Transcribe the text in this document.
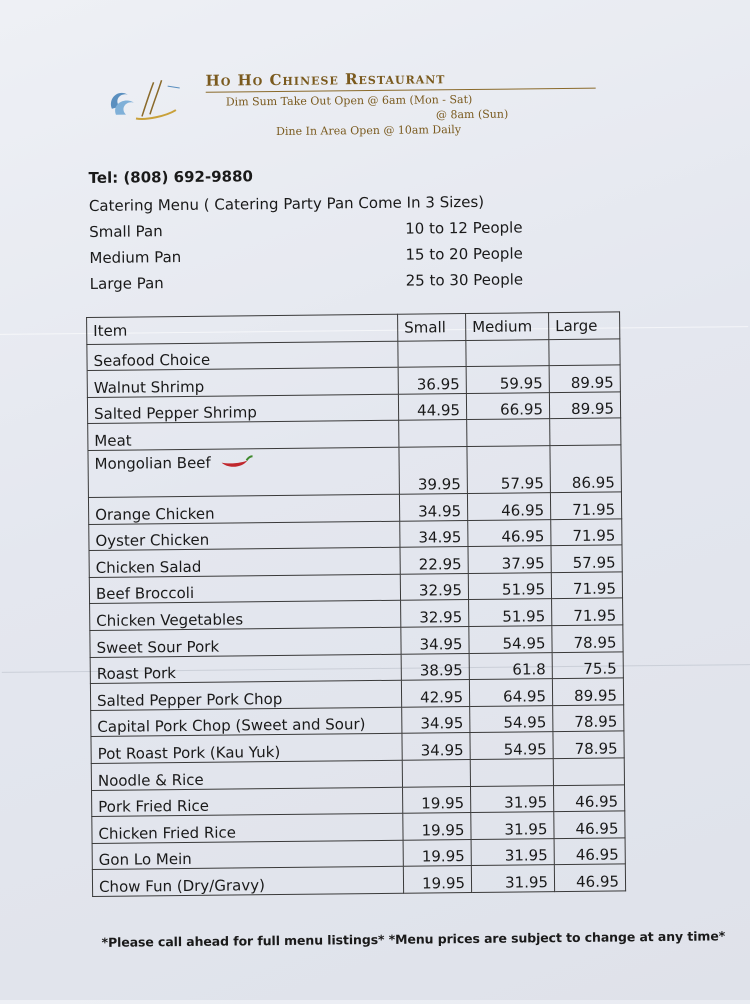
Ho Ho Chinese Restaurant
Dim Sum Take Out Open @ 6am (Mon - Sat)
@ 8am (Sun)
Dine In Area Open @ 10am Daily
Tel: (808) 692-9880
Catering Menu ( Catering Party Pan Come In 3 Sizes)
Small Pan	10 to 12 People
Medium Pan	15 to 20 People
Large Pan	25 to 30 People
Item	Small	Medium	Large
Seafood Choice			
Walnut Shrimp	36.95	59.95	89.95
Salted Pepper Shrimp	44.95	66.95	89.95
Meat			
Mongolian Beef	39.95	57.95	86.95
Orange Chicken	34.95	46.95	71.95
Oyster Chicken	34.95	46.95	71.95
Chicken Salad	22.95	37.95	57.95
Beef Broccoli	32.95	51.95	71.95
Chicken Vegetables	32.95	51.95	71.95
Sweet Sour Pork	34.95	54.95	78.95
Roast Pork	38.95	61.8	75.5
Salted Pepper Pork Chop	42.95	64.95	89.95
Capital Pork Chop (Sweet and Sour)	34.95	54.95	78.95
Pot Roast Pork (Kau Yuk)	34.95	54.95	78.95
Noodle & Rice			
Pork Fried Rice	19.95	31.95	46.95
Chicken Fried Rice	19.95	31.95	46.95
Gon Lo Mein	19.95	31.95	46.95
Chow Fun (Dry/Gravy)	19.95	31.95	46.95
*Please call ahead for full menu listings* *Menu prices are subject to change at any time*
